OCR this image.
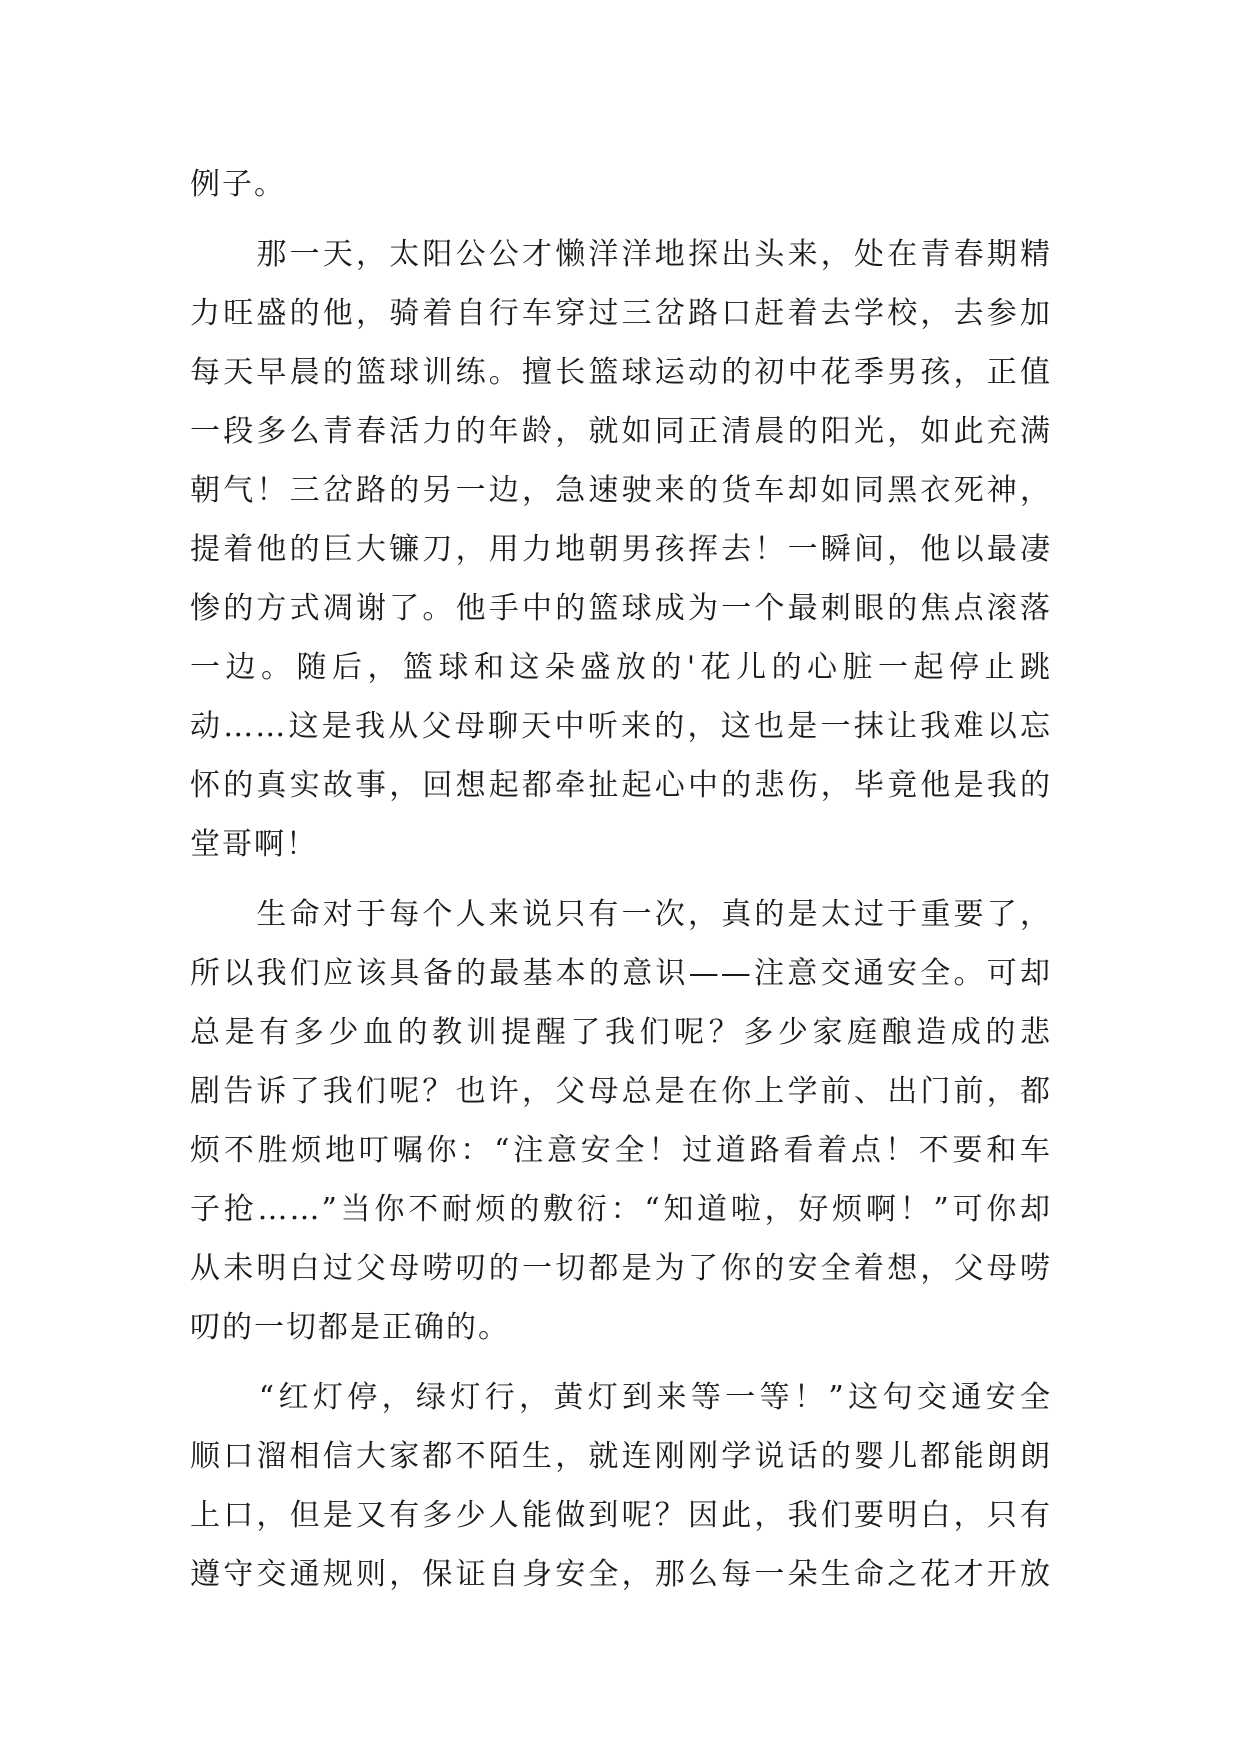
例子。
　　那一天，太阳公公才懒洋洋地探出头来，处在青春期精
力旺盛的他，骑着自行车穿过三岔路口赶着去学校，去参加
每天早晨的篮球训练。擅长篮球运动的初中花季男孩，正值
一段多么青春活力的年龄，就如同正清晨的阳光，如此充满
朝气！三岔路的另一边，急速驶来的货车却如同黑衣死神，
提着他的巨大镰刀，用力地朝男孩挥去！一瞬间，他以最凄
惨的方式凋谢了。他手中的篮球成为一个最刺眼的焦点滚落
一边。随后，篮球和这朵盛放的'花儿的心脏一起停止跳
动……这是我从父母聊天中听来的，这也是一抹让我难以忘
怀的真实故事，回想起都牵扯起心中的悲伤，毕竟他是我的
堂哥啊！
　　生命对于每个人来说只有一次，真的是太过于重要了，
所以我们应该具备的最基本的意识——注意交通安全。可却
总是有多少血的教训提醒了我们呢？多少家庭酿造成的悲
剧告诉了我们呢？也许，父母总是在你上学前、出门前，都
烦不胜烦地叮嘱你：“注意安全！过道路看着点！不要和车
子抢……”当你不耐烦的敷衍：“知道啦，好烦啊！”可你却
从未明白过父母唠叨的一切都是为了你的安全着想，父母唠
叨的一切都是正确的。
　　“红灯停，绿灯行，黄灯到来等一等！”这句交通安全
顺口溜相信大家都不陌生，就连刚刚学说话的婴儿都能朗朗
上口，但是又有多少人能做到呢？因此，我们要明白，只有
遵守交通规则，保证自身安全，那么每一朵生命之花才开放
